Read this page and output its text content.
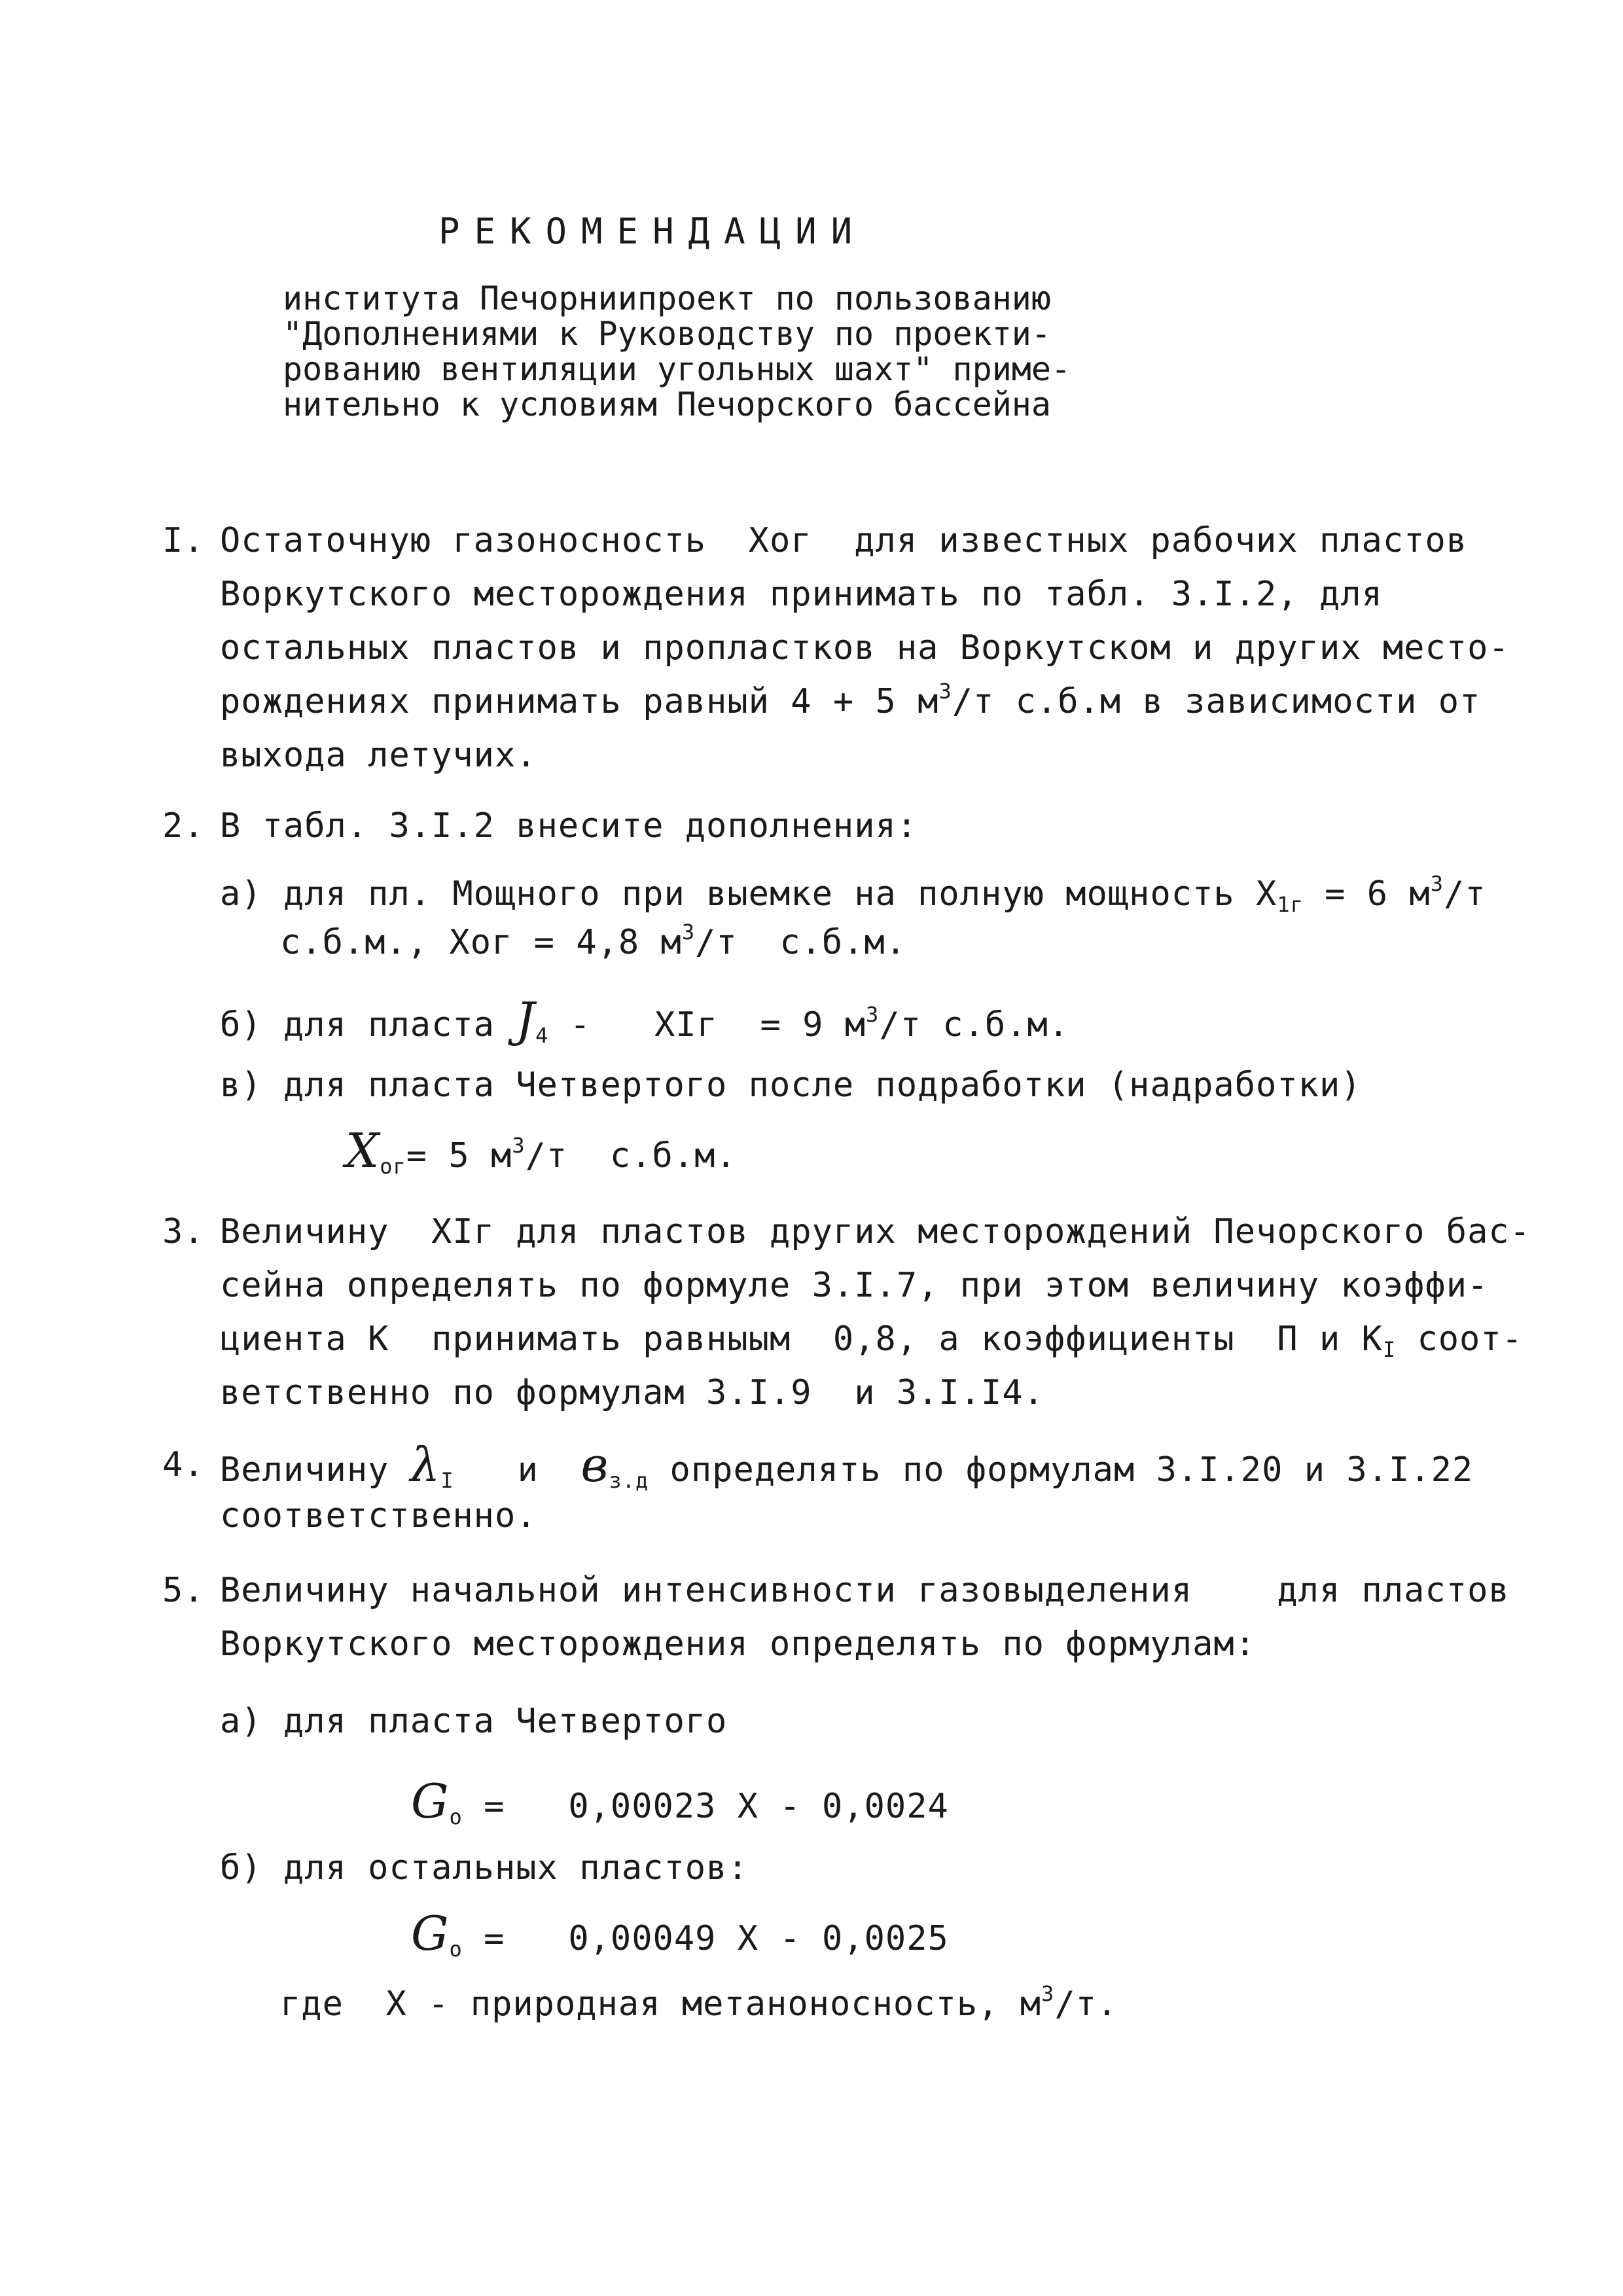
РЕКОМЕНДАЦИИ
института Печорниипроект по пользованию
"Дополнениями к Руководству по проекти-
рованию вентиляции угольных шахт" приме-
нительно к условиям Печорского бассейна
I. Остаточную газоносность  Хог  для известных рабочих пластов
Воркутского месторождения принимать по табл. 3.I.2, для
остальных пластов и пропластков на Воркутском и других место-
рождениях принимать равный 4 + 5 $м^3/т$ с.б.м в зависимости от
выхода летучих.
2. В табл. 3.I.2 внесите дополнения:
а) для пл. Мощного при выемке на полную мощность $Х_{1г} = 6$ $м^3/т$
с.б.м., Хог = 4,8 $м^3/т$  с.б.м.
б) для пласта $J_4$ -   ХIг  = 9 $м^3/т$ с.б.м.
в) для пласта Четвертого после подработки (надработки)
$Х_{ог}= 5$ $м^3/т$  с.б.м.
3. Величину  ХIг для пластов других месторождений Печорского бас-
сейна определять по формуле 3.I.7, при этом величину коэффи-
циента К  принимать равныым  0,8, а коэффициенты  П и $К_I$ соот-
ветственно по формулам 3.I.9  и 3.I.I4.
4. Величину $\lambda_I$   и  $в_{з.д}$ определять по формулам 3.I.20 и 3.I.22
соответственно.
5. Величину начальной интенсивности газовыделения    для пластов
Воркутского месторождения определять по формулам:
а) для пласта Четвертого
$G_о = 0,00023$ Х - 0,0024
б) для остальных пластов:
$G_о = 0,00049$ Х - 0,0025
где  Х - природная метаноносность, $м^3/т$.
